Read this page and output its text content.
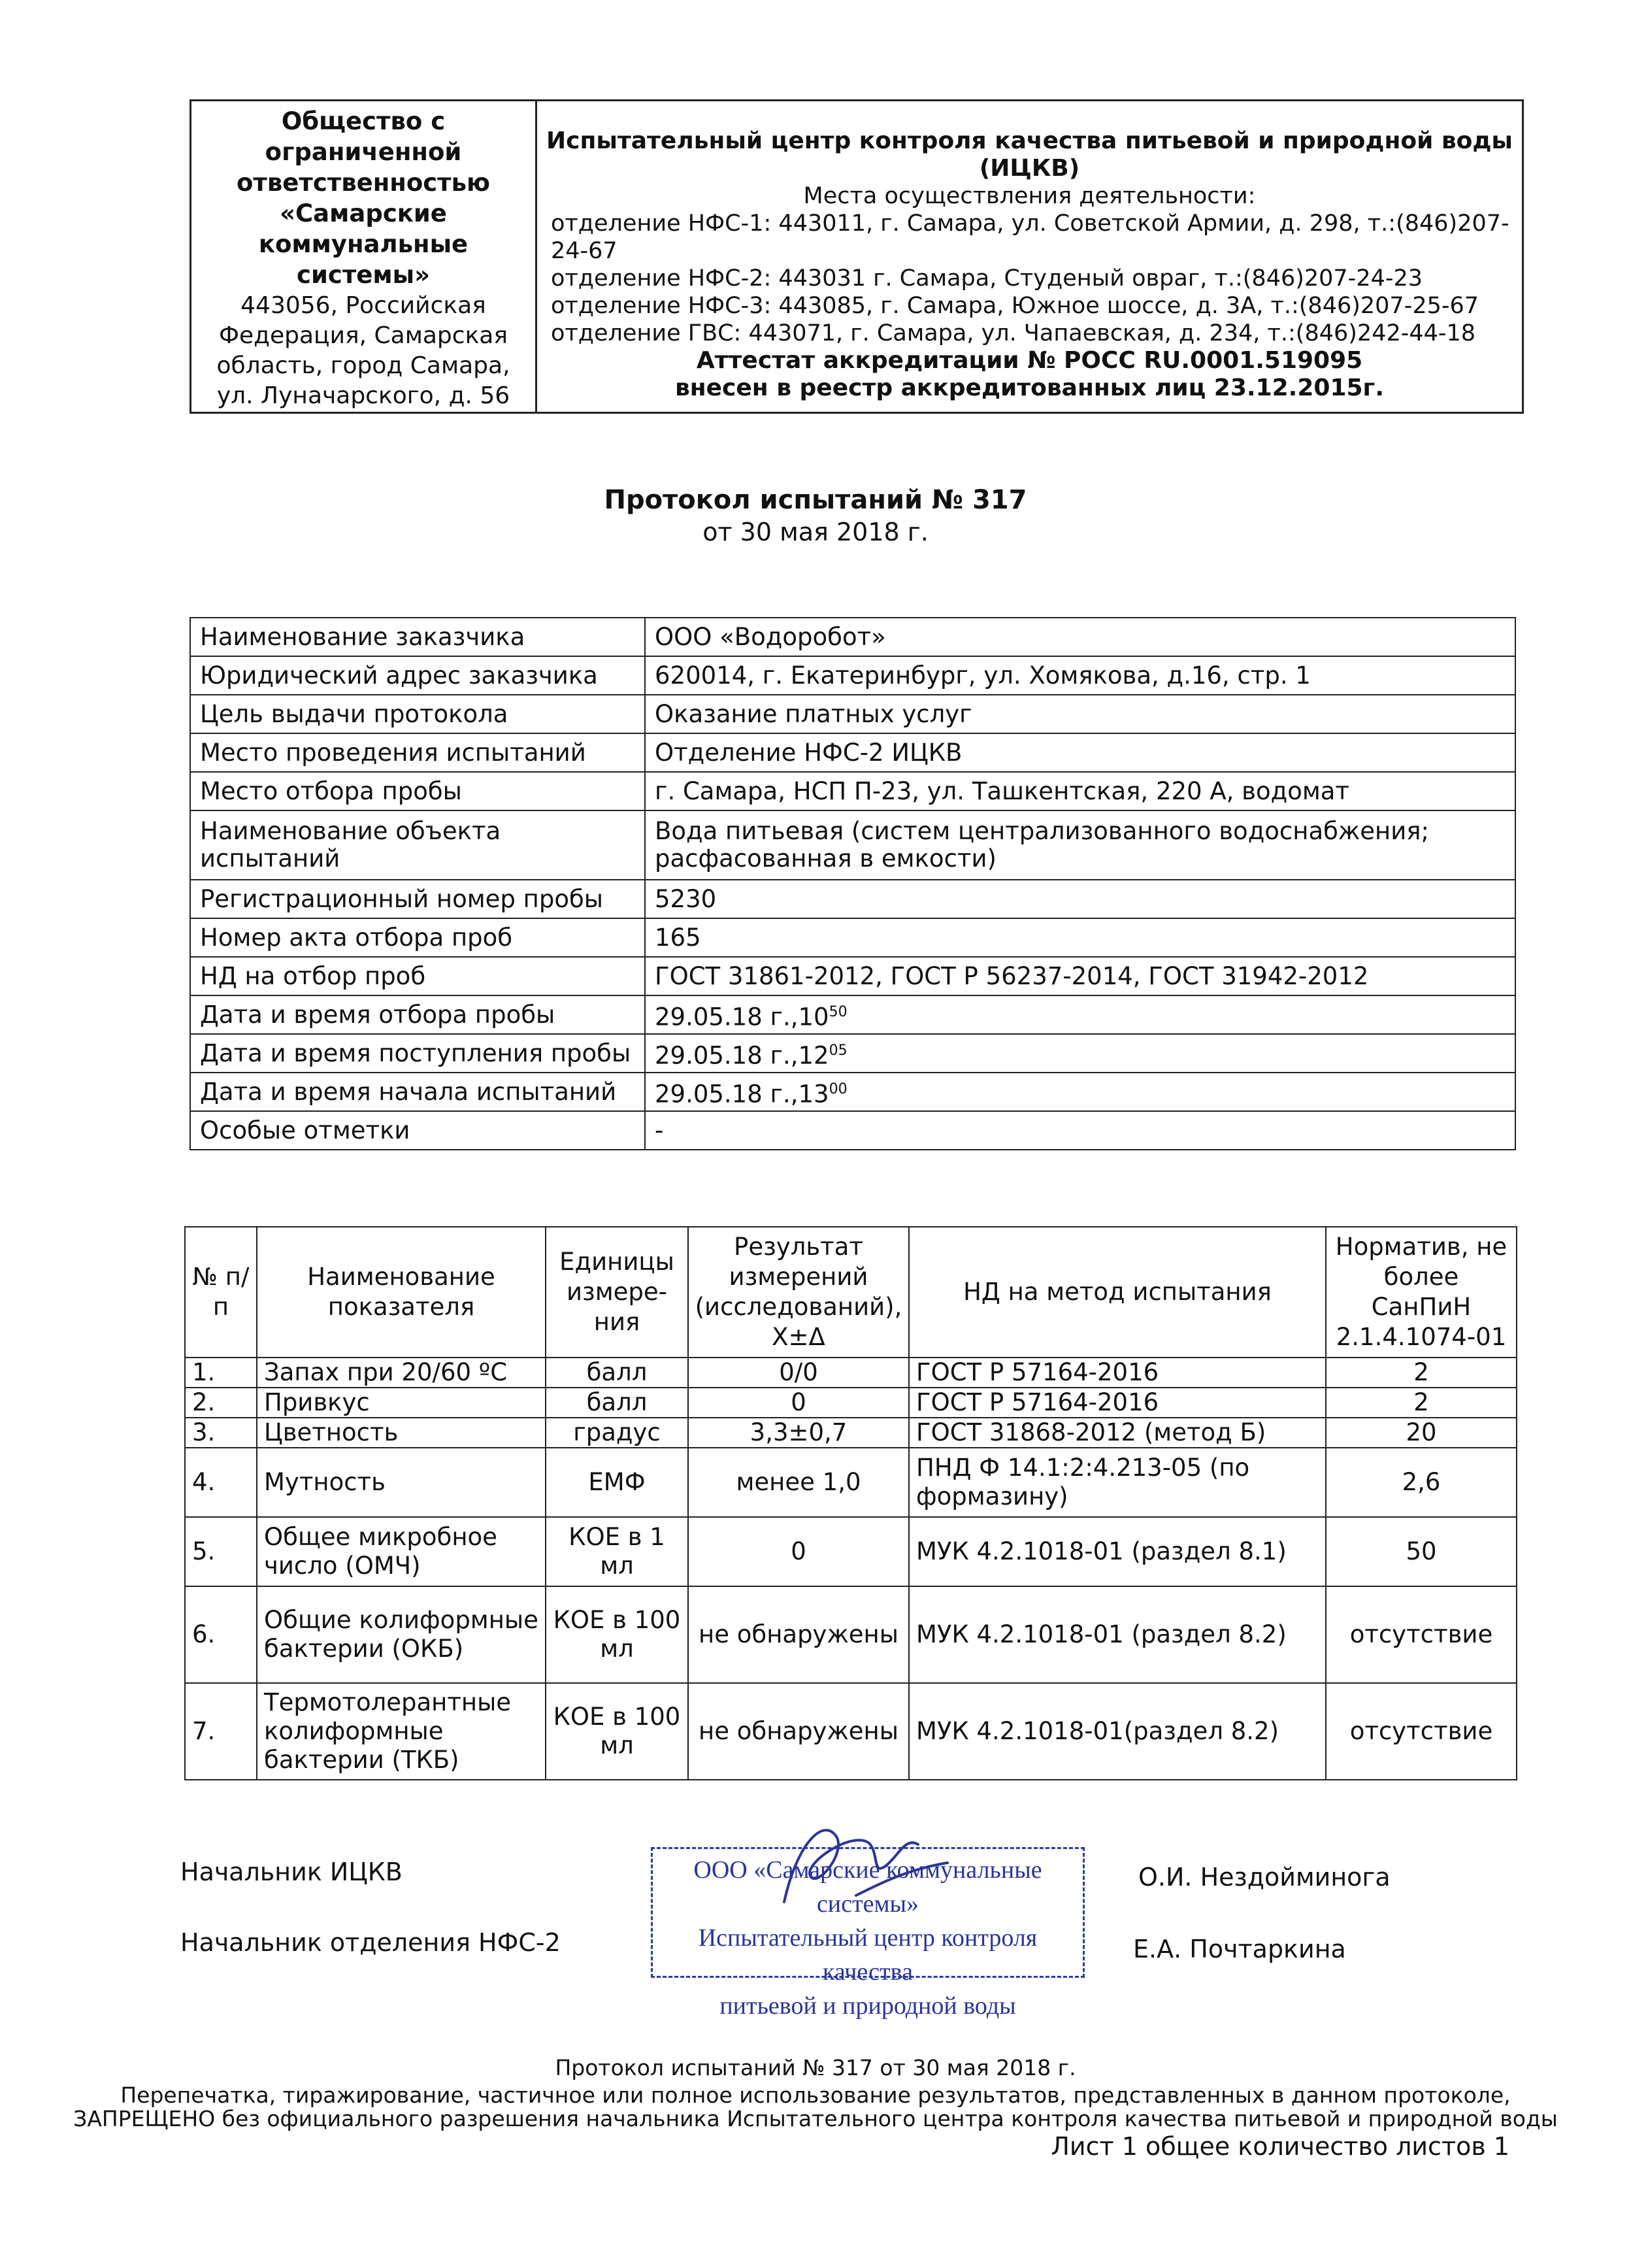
Общество с
ограниченной
ответственностью
«Самарские
коммунальные
системы»
443056, Российская
Федерация, Самарская
область, город Самара,
ул. Луначарского, д. 56	
Испытательный центр контроля качества питьевой и природной воды
(ИЦКВ)
Места осуществления деятельности:
отделение НФС-1: 443011, г. Самара, ул. Советской Армии, д. 298, т.:(846)207-24-67
отделение НФС-2: 443031 г. Самара, Студеный овраг, т.:(846)207-24-23
отделение НФС-3: 443085, г. Самара, Южное шоссе, д. 3А, т.:(846)207-25-67
отделение ГВС: 443071, г. Самара, ул. Чапаевская, д. 234, т.:(846)242-44-18
Аттестат аккредитации № РОСС RU.0001.519095
внесен в реестр аккредитованных лиц 23.12.2015г.
Протокол испытаний № 317
от 30 мая 2018 г.
Наименование заказчика	ООО «Водоробот»
Юридический адрес заказчика	620014, г. Екатеринбург, ул. Хомякова, д.16, стр. 1
Цель выдачи протокола	Оказание платных услуг
Место проведения испытаний	Отделение НФС-2 ИЦКВ
Место отбора пробы	г. Самара, НСП П-23, ул. Ташкентская, 220 А, водомат
Наименование объекта испытаний	Вода питьевая (систем централизованного водоснабжения; расфасованная в емкости)
Регистрационный номер пробы	5230
Номер акта отбора проб	165
НД на отбор проб	ГОСТ 31861-2012, ГОСТ Р 56237-2014, ГОСТ 31942-2012
Дата и время отбора пробы	29.05.18 г.,10$^{50}$
Дата и время поступления пробы	29.05.18 г.,12$^{05}$
Дата и время начала испытаний	29.05.18 г.,13$^{00}$
Особые отметки	-
№ п/п	Наименование показателя	Единицы измере-ния	Результат измерений (исследований), Х±Δ	НД на метод испытания	Норматив, не более СанПиН 2.1.4.1074-01
1.	Запах при 20/60 ºС	балл	0/0	ГОСТ Р 57164-2016	2
2.	Привкус	балл	0	ГОСТ Р 57164-2016	2
3.	Цветность	градус	3,3±0,7	ГОСТ 31868-2012 (метод Б)	20
4.	Мутность	ЕМФ	менее 1,0	ПНД Ф 14.1:2:4.213-05 (по формазину)	2,6
5.	Общее микробное число (ОМЧ)	КОЕ в 1 мл	0	МУК 4.2.1018-01 (раздел 8.1)	50
6.	Общие колиформные бактерии (ОКБ)	КОЕ в 100 мл	не обнаружены	МУК 4.2.1018-01 (раздел 8.2)	отсутствие
7.	Термотолерантные колиформные бактерии (ТКБ)	КОЕ в 100 мл	не обнаружены	МУК 4.2.1018-01(раздел 8.2)	отсутствие
Начальник ИЦКВ	О.И. Нездойминога
Начальник отделения НФС-2	Е.А. Почтаркина
ООО «Самарские коммунальные системы»
Испытательный центр контроля качества
питьевой и природной воды
Протокол испытаний № 317 от 30 мая 2018 г.
Перепечатка, тиражирование, частичное или полное использование результатов, представленных в данном протоколе,
ЗАПРЕЩЕНО без официального разрешения начальника Испытательного центра контроля качества питьевой и природной воды
Лист 1 общее количество листов 1
